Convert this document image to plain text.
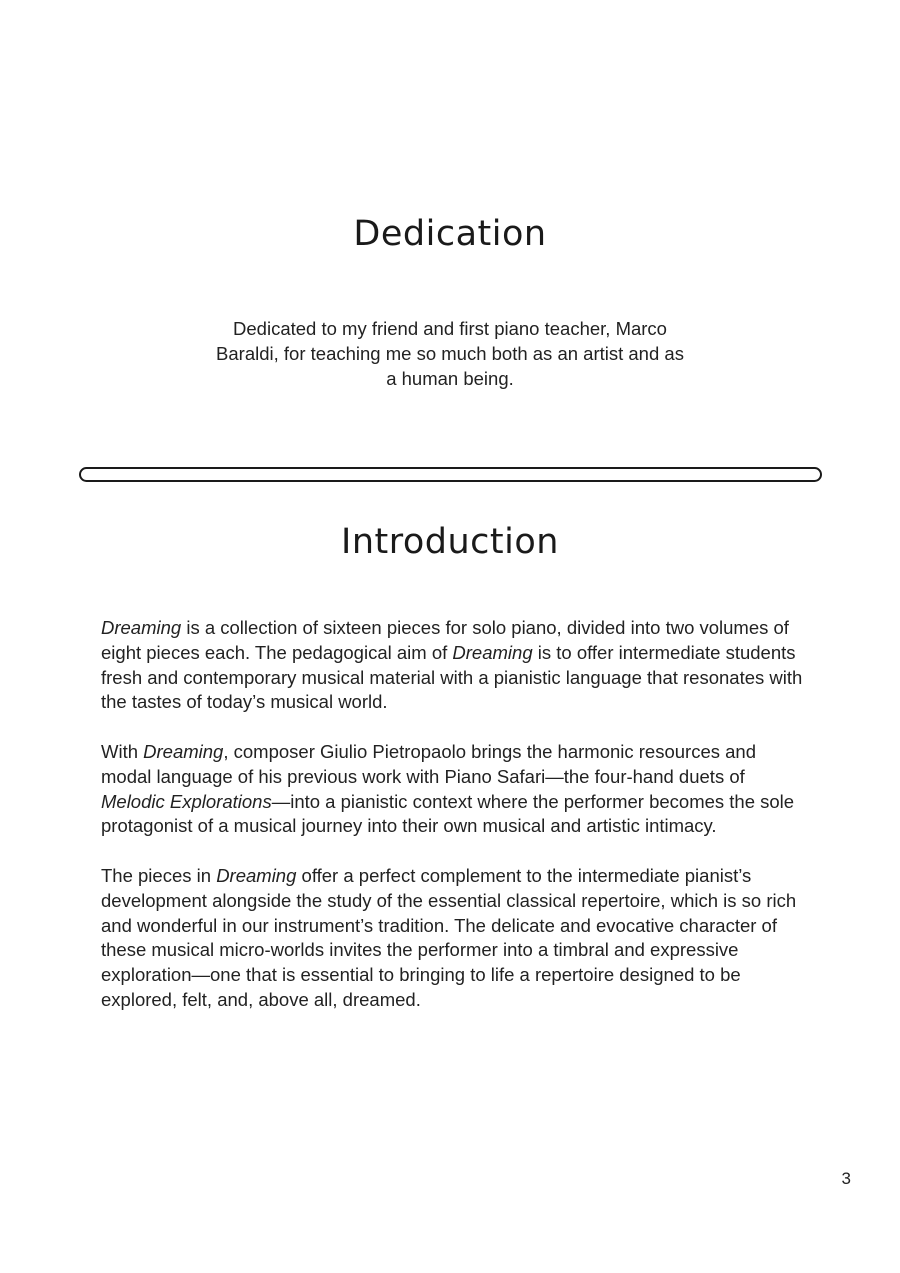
Dedication

Dedicated to my friend and first piano teacher, Marco Baraldi, for teaching me so much both as an artist and as a human being.

Introduction

Dreaming is a collection of sixteen pieces for solo piano, divided into two volumes of eight pieces each. The pedagogical aim of Dreaming is to offer intermediate students fresh and contemporary musical material with a pianistic language that resonates with the tastes of today’s musical world.

With Dreaming, composer Giulio Pietropaolo brings the harmonic resources and modal language of his previous work with Piano Safari—the four-hand duets of Melodic Explorations—into a pianistic context where the performer becomes the sole protagonist of a musical journey into their own musical and artistic intimacy.

The pieces in Dreaming offer a perfect complement to the intermediate pianist’s development alongside the study of the essential classical repertoire, which is so rich and wonderful in our instrument’s tradition. The delicate and evocative character of these musical micro-worlds invites the performer into a timbral and expressive exploration—one that is essential to bringing to life a repertoire designed to be explored, felt, and, above all, dreamed.

3
